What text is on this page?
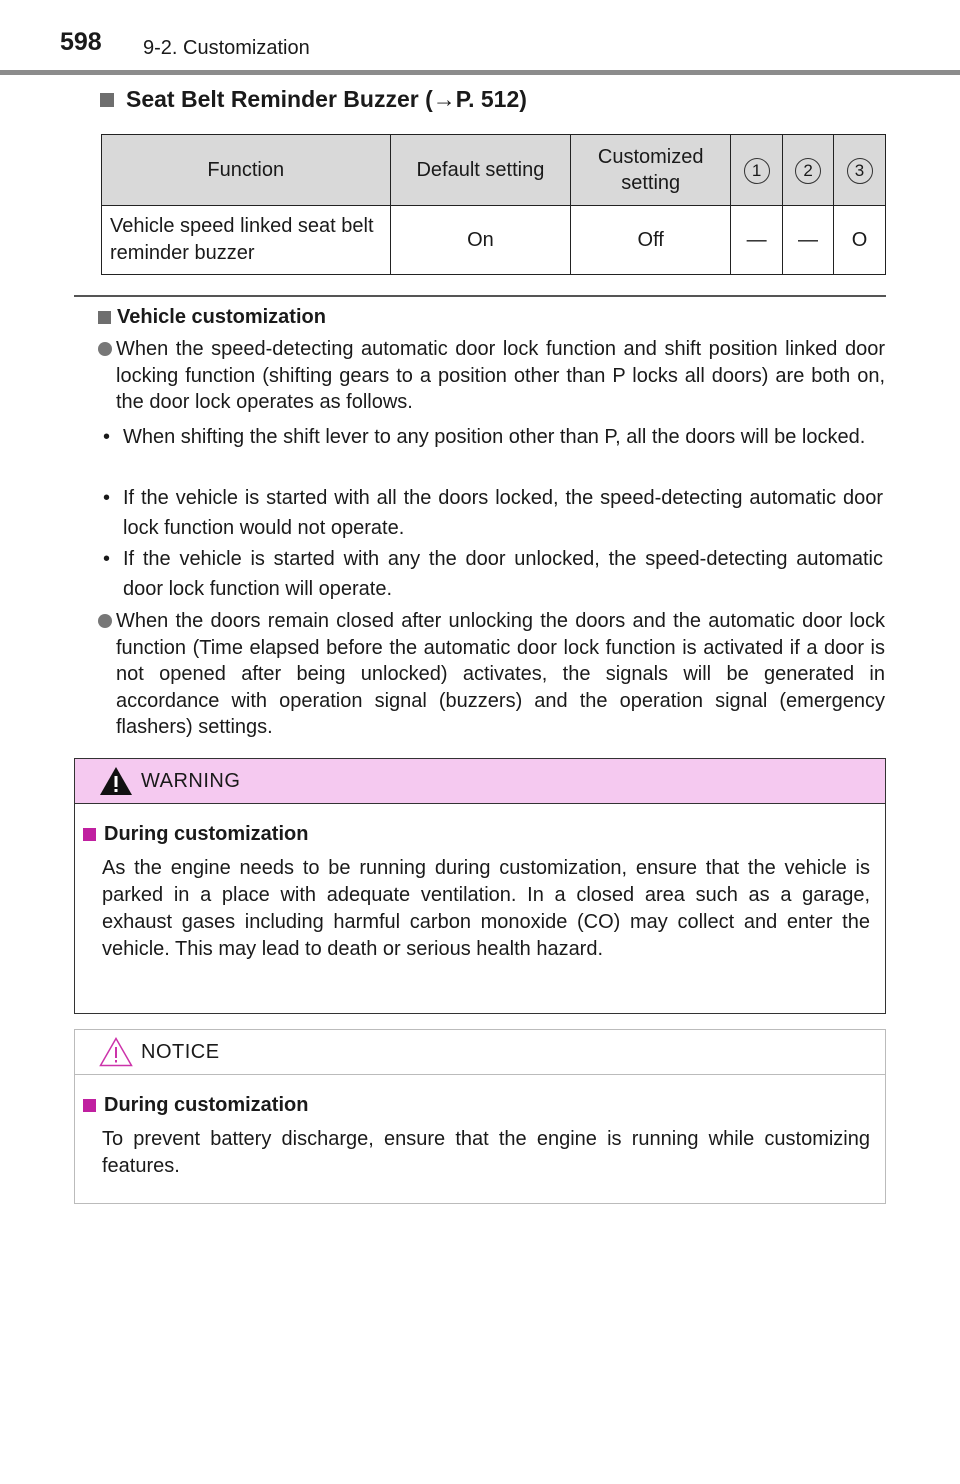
598 9-2. Customization
Seat Belt Reminder Buzzer (→P. 512)
Function	Default setting	Customized setting	1	2	3
Vehicle speed linked seat belt reminder buzzer	On	Off	—	—	O
Vehicle customization
When the speed-detecting automatic door lock function and shift position linked door locking function (shifting gears to a position other than P locks all doors) are both on, the door lock operates as follows.
• When shifting the shift lever to any position other than P, all the doors will be locked.
• If the vehicle is started with all the doors locked, the speed-detecting automatic door lock function would not operate.
• If the vehicle is started with any the door unlocked, the speed-detecting automatic door lock function will operate.
When the doors remain closed after unlocking the doors and the automatic door lock function (Time elapsed before the automatic door lock function is activated if a door is not opened after being unlocked) activates, the signals will be generated in accordance with operation signal (buzzers) and the operation signal (emergency flashers) settings.
WARNING
During customization
As the engine needs to be running during customization, ensure that the vehicle is parked in a place with adequate ventilation. In a closed area such as a garage, exhaust gases including harmful carbon monoxide (CO) may collect and enter the vehicle. This may lead to death or serious health hazard.
NOTICE
During customization
To prevent battery discharge, ensure that the engine is running while customizing features.
